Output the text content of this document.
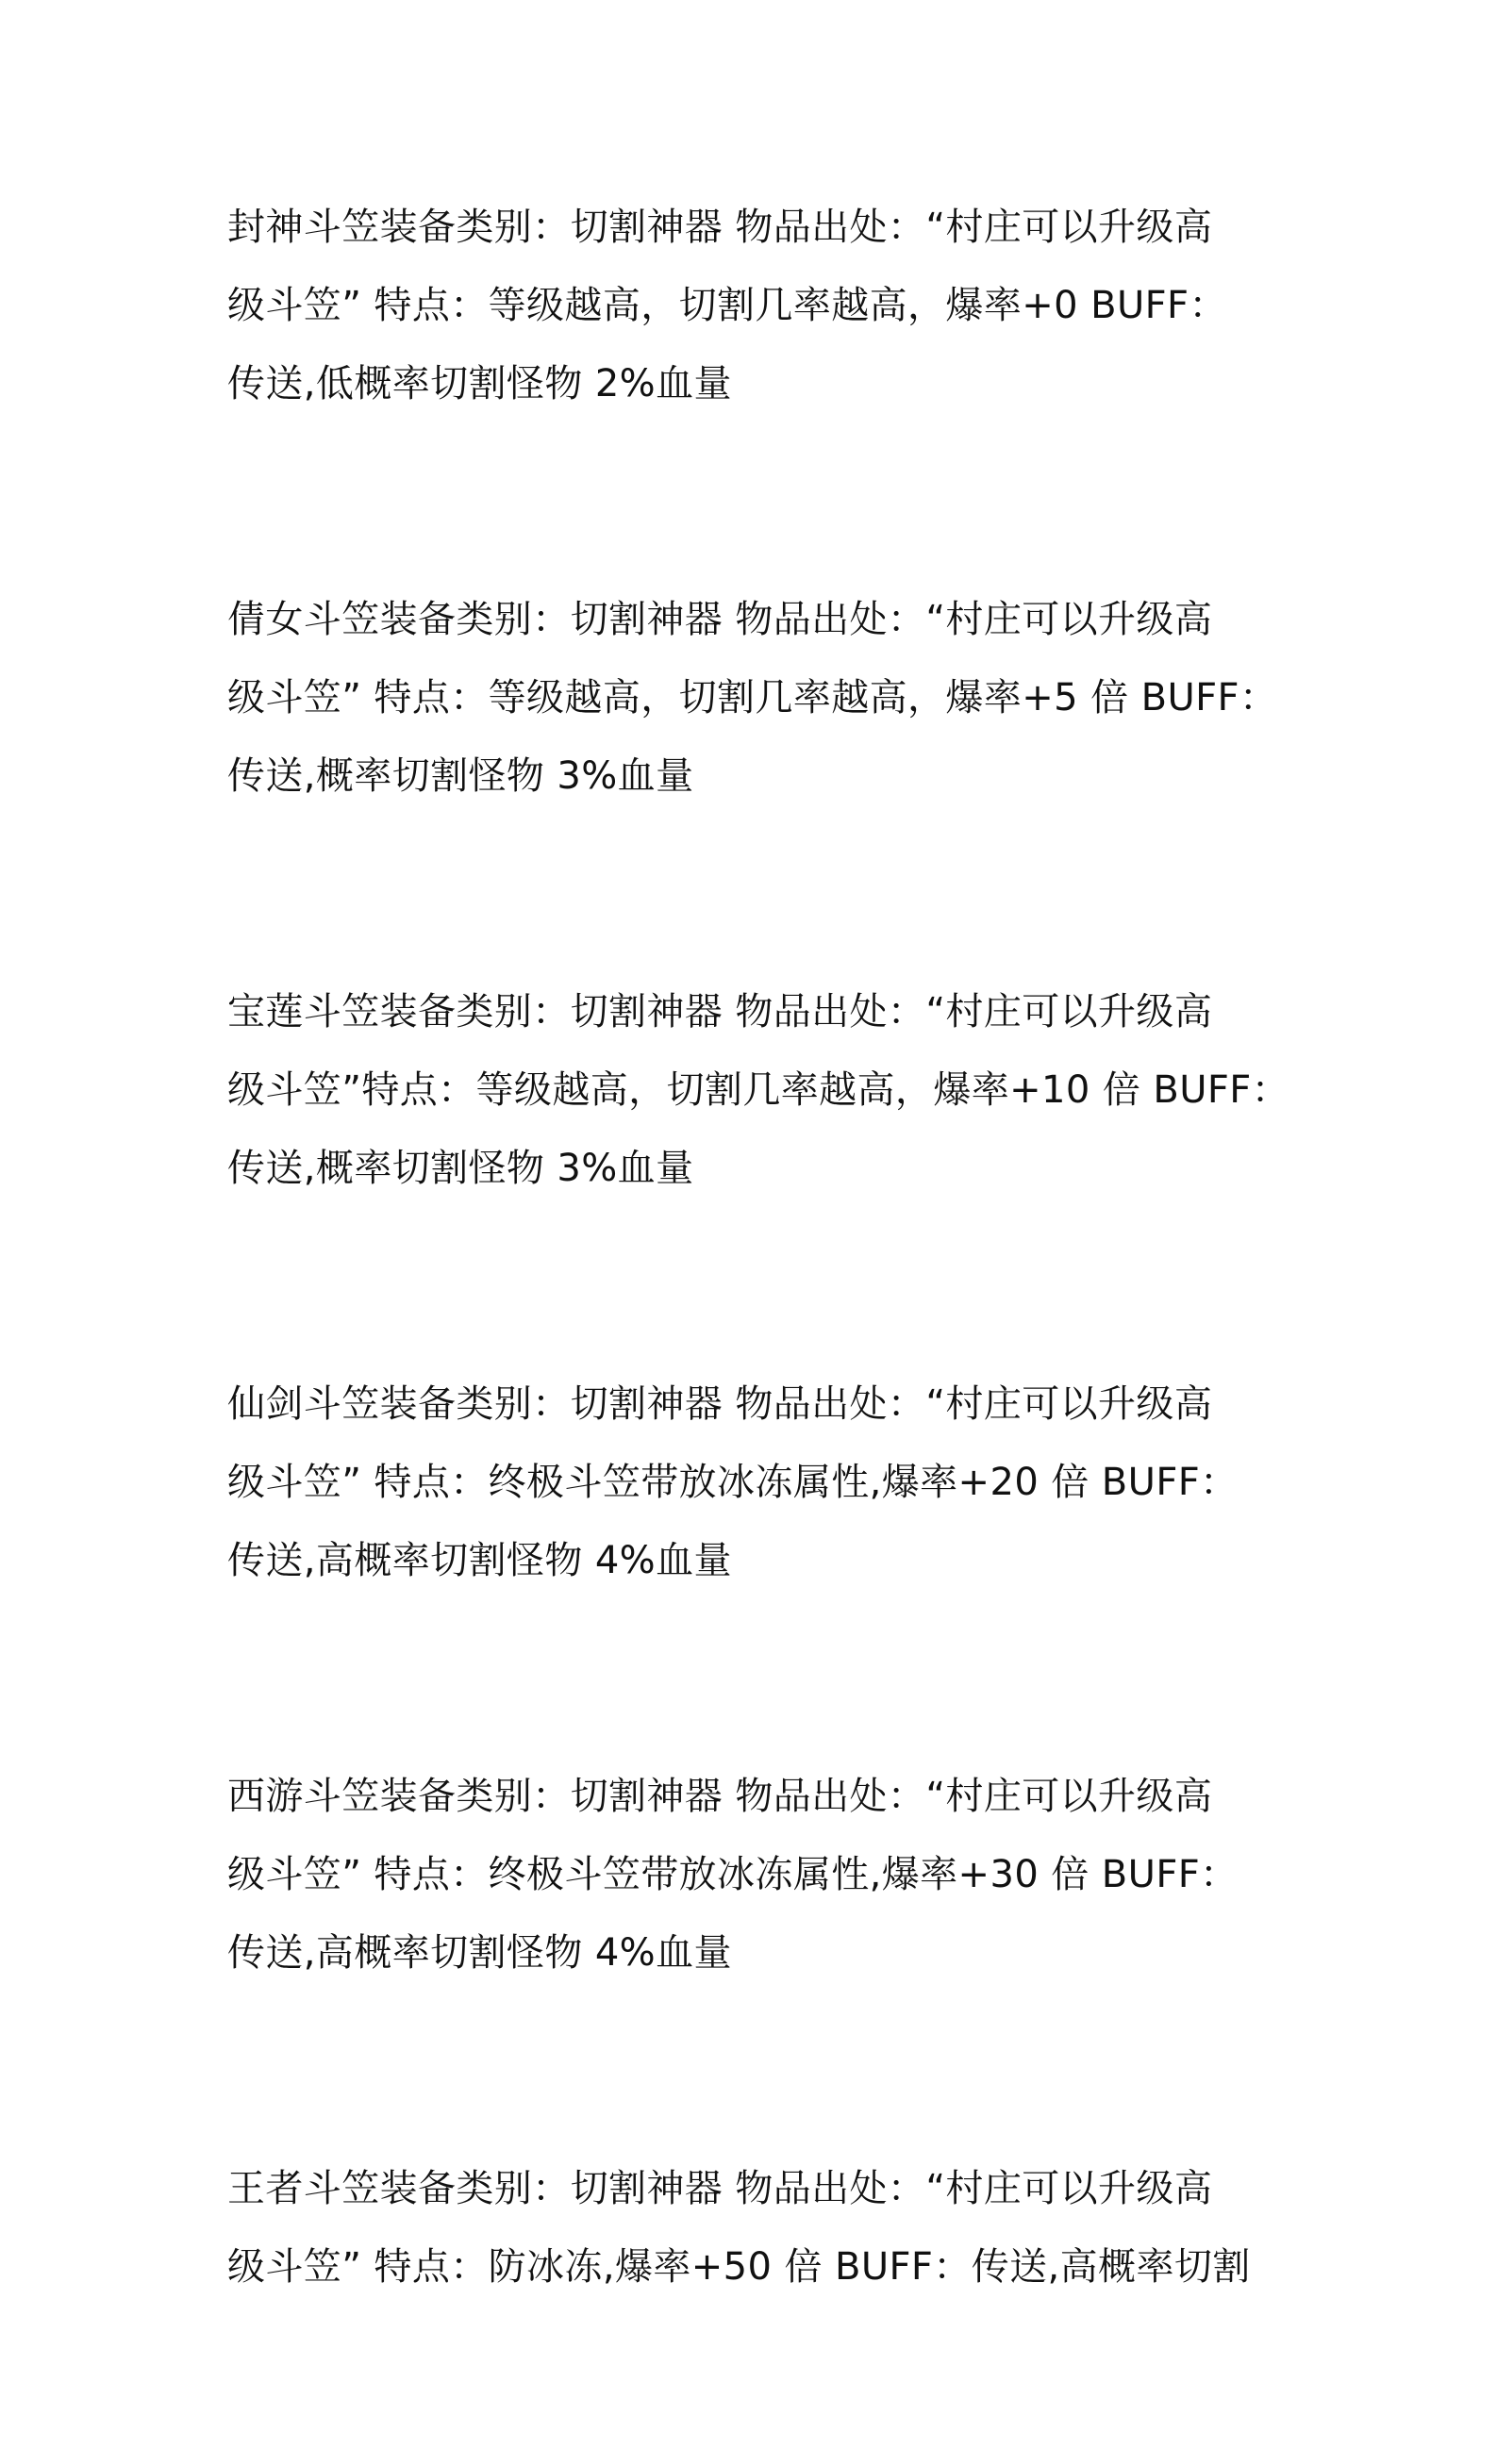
封神斗笠装备类别：切割神器 物品出处：“村庄可以升级高
级斗笠” 特点：等级越高，切割几率越高，爆率+0 BUFF：
传送,低概率切割怪物 2%血量
倩女斗笠装备类别：切割神器 物品出处：“村庄可以升级高
级斗笠” 特点：等级越高，切割几率越高，爆率+5 倍 BUFF：
传送,概率切割怪物 3%血量
宝莲斗笠装备类别：切割神器 物品出处：“村庄可以升级高
级斗笠”特点：等级越高，切割几率越高，爆率+10 倍 BUFF：
传送,概率切割怪物 3%血量
仙剑斗笠装备类别：切割神器 物品出处：“村庄可以升级高
级斗笠” 特点：终极斗笠带放冰冻属性,爆率+20 倍 BUFF：
传送,高概率切割怪物 4%血量
西游斗笠装备类别：切割神器 物品出处：“村庄可以升级高
级斗笠” 特点：终极斗笠带放冰冻属性,爆率+30 倍 BUFF：
传送,高概率切割怪物 4%血量
王者斗笠装备类别：切割神器 物品出处：“村庄可以升级高
级斗笠” 特点：防冰冻,爆率+50 倍 BUFF：传送,高概率切割
